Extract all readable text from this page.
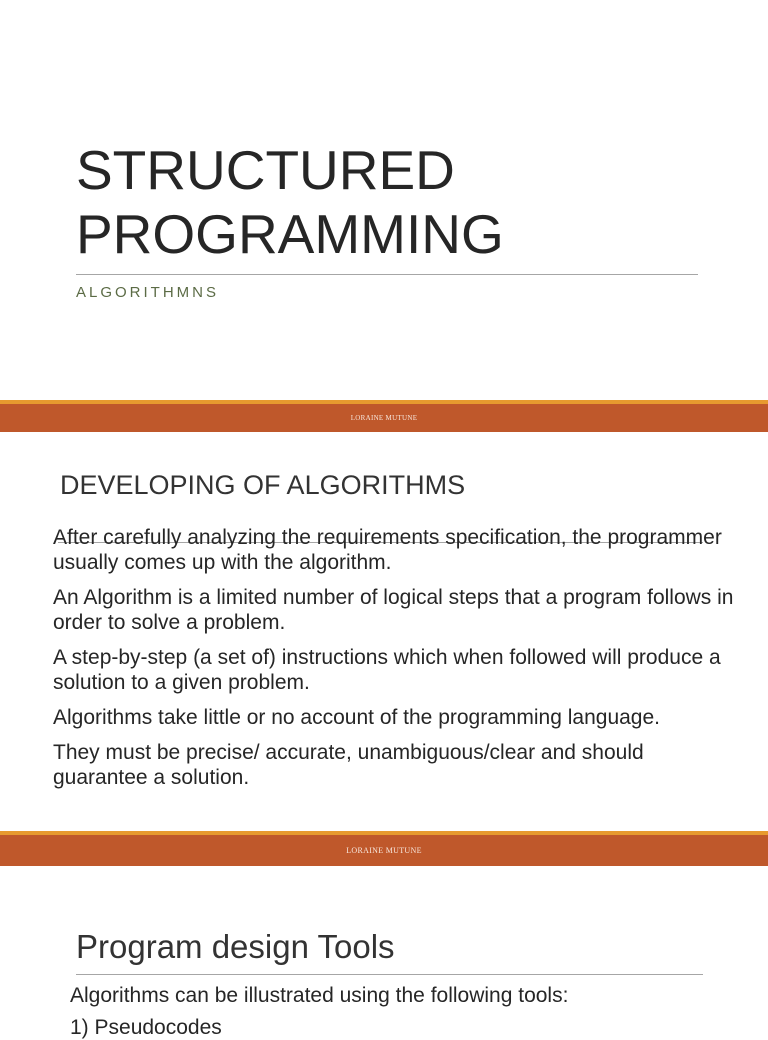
STRUCTURED
PROGRAMMING
ALGORITHMNS
LORAINE MUTUNE
DEVELOPING OF ALGORITHMS
After carefully analyzing the requirements specification, the programmer usually comes up with the algorithm.
An Algorithm is a limited number of logical steps that a program follows in order to solve a problem.
A step-by-step (a set of) instructions which when followed will produce a solution to a given problem.
Algorithms take little or no account of the programming language.
They must be precise/ accurate, unambiguous/clear and should guarantee a solution.
LORAINE MUTUNE
Program design Tools
Algorithms can be illustrated using the following tools:
1) Pseudocodes
